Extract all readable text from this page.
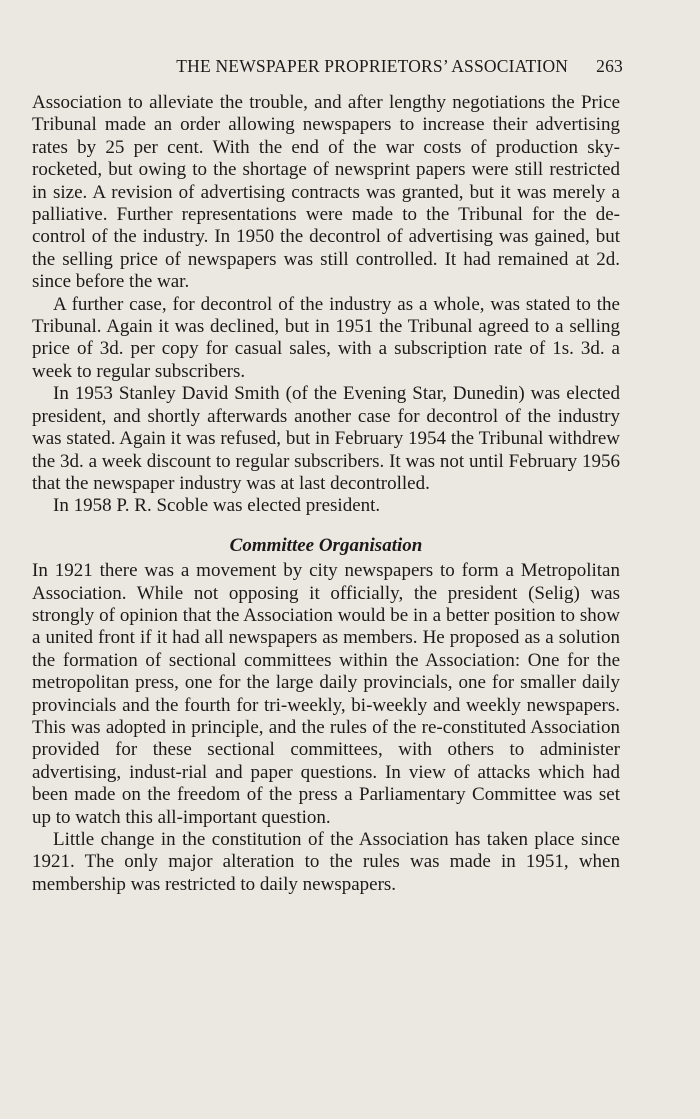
THE NEWSPAPER PROPRIETORS’ ASSOCIATION 263

Association to alleviate the trouble, and after lengthy negotiations the Price Tribunal made an order allowing newspapers to increase their advertising rates by 25 per cent. With the end of the war costs of production sky-rocketed, but owing to the shortage of newsprint papers were still restricted in size. A revision of advertising contracts was granted, but it was merely a palliative. Further representations were made to the Tribunal for the de-control of the industry. In 1950 the decontrol of advertising was gained, but the selling price of newspapers was still controlled. It had remained at 2d. since before the war.

A further case, for decontrol of the industry as a whole, was stated to the Tribunal. Again it was declined, but in 1951 the Tribunal agreed to a selling price of 3d. per copy for casual sales, with a subscription rate of 1s. 3d. a week to regular subscribers.

In 1953 Stanley David Smith (of the Evening Star, Dunedin) was elected president, and shortly afterwards another case for decontrol of the industry was stated. Again it was refused, but in February 1954 the Tribunal withdrew the 3d. a week discount to regular subscribers. It was not until February 1956 that the newspaper industry was at last decontrolled.

In 1958 P. R. Scoble was elected president.

Committee Organisation

In 1921 there was a movement by city newspapers to form a Metropolitan Association. While not opposing it officially, the president (Selig) was strongly of opinion that the Association would be in a better position to show a united front if it had all newspapers as members. He proposed as a solution the formation of sectional committees within the Association: One for the metropolitan press, one for the large daily provincials, one for smaller daily provincials and the fourth for tri-weekly, bi-weekly and weekly newspapers. This was adopted in principle, and the rules of the re-constituted Association provided for these sectional committees, with others to administer advertising, indust-rial and paper questions. In view of attacks which had been made on the freedom of the press a Parliamentary Committee was set up to watch this all-important question.

Little change in the constitution of the Association has taken place since 1921. The only major alteration to the rules was made in 1951, when membership was restricted to daily newspapers.
